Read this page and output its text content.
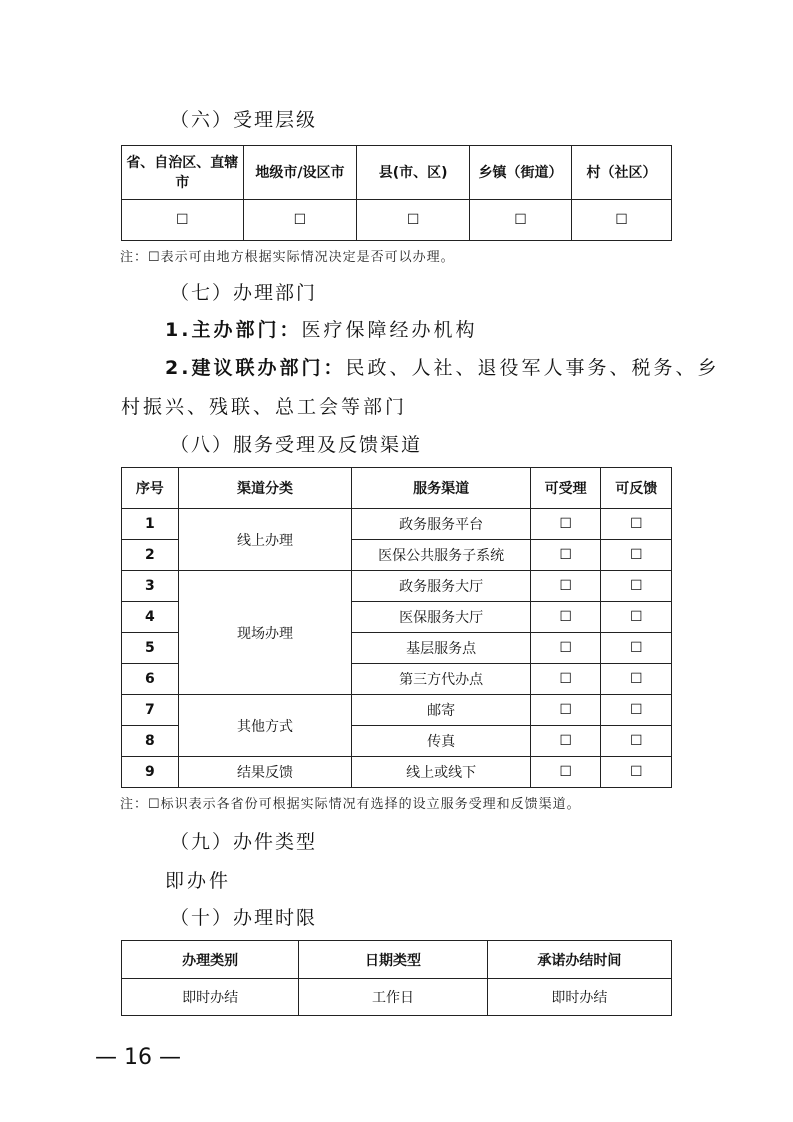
（六）受理层级
省、自治区、直辖市	地级市/设区市	县(市、区)	乡镇（街道）	村（社区）
☐	☐	☐	☐	☐
注：☐表示可由地方根据实际情况决定是否可以办理。
（七）办理部门
1.主办部门：医疗保障经办机构
2.建议联办部门：民政、人社、退役军人事务、税务、乡
村振兴、残联、总工会等部门
（八）服务受理及反馈渠道
序号	渠道分类	服务渠道	可受理	可反馈
1	线上办理	政务服务平台	☐	☐
2		医保公共服务子系统	☐	☐
3	现场办理	政务服务大厅	☐	☐
4		医保服务大厅	☐	☐
5		基层服务点	☐	☐
6		第三方代办点	☐	☐
7	其他方式	邮寄	☐	☐
8		传真	☐	☐
9	结果反馈	线上或线下	☐	☐
注：☐标识表示各省份可根据实际情况有选择的设立服务受理和反馈渠道。
（九）办件类型
即办件
（十）办理时限
办理类别	日期类型	承诺办结时间
即时办结	工作日	即时办结
— 16 —
